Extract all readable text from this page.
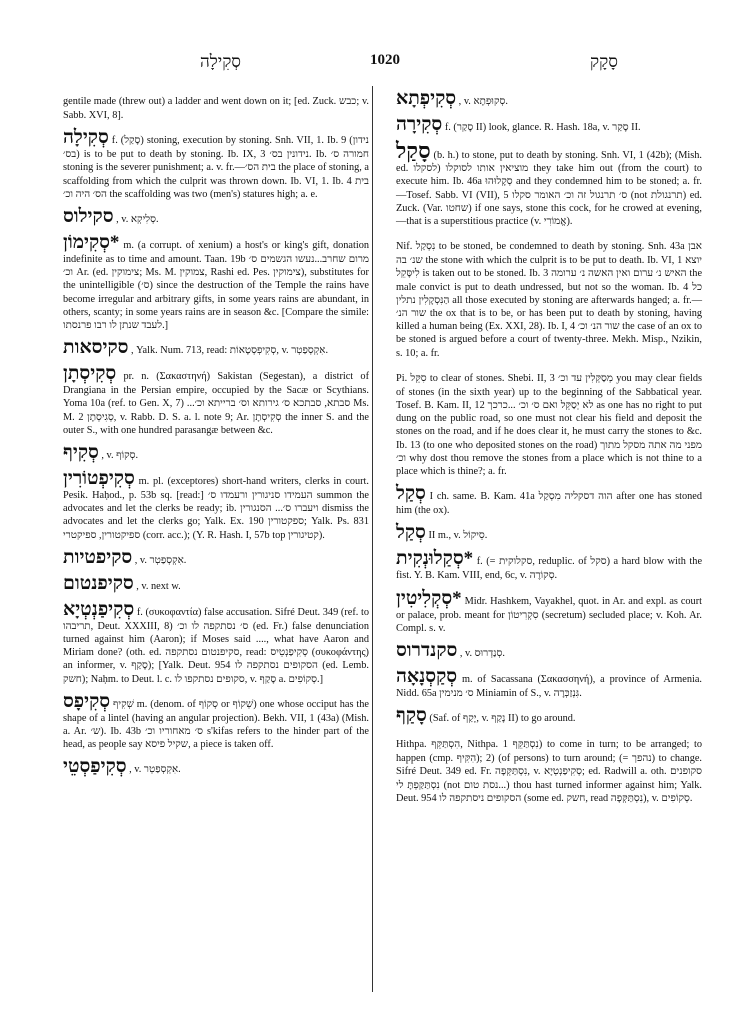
סְקִילָה	1020	סָקָק

gentile made (threw out) a ladder and went down on it; [ed. Zuck. כבש; v. Sabb. XVI, 8].

סְקִילָה f. (סָקַל) stoning, execution by stoning. Snh. VII, 1. Ib. 9 (נידון בס׳) is to be put to death by stoning. Ib. IX, 3 נידונין בס׳. Ib. חמורה ס׳ stoning is the severer punishment; a. v. fr.—בית הס׳ the place of stoning, a scaffolding from which the culprit was thrown down. Ib. VI, 1. Ib. 4 בית הס׳ היה וכ׳ the scaffolding was two (men's) statures high; a. e.

סקילוס , v. סְלִיקְא.

*סְקִימוֹן m. (a corrupt. of xenium) a host's or king's gift, donation indefinite as to time and amount. Taan. 19b מרום שחרב...נעשו הגשמים ס׳ וכ׳ Ar. (ed. צימוקין; Ms. M. צמוקין, Rashi ed. Pes. צימוקין), substitutes for the unintelligible (ס׳) since the destruction of the Temple the rains have become irregular and arbitrary gifts, in some years rains are abundant, in others, scanty; in some years rains are in season &c. [Compare the simile: לעבד שנתן לו רבו פרנסתו.]

סקיסאות , Yalk. Num. 713, read: סְקִיפְסְטָאוֹת, v. אִקְסְפַטְר.

סְקִיסְתָן pr. n. (Σακαστηνή) Sakistan (Segestan), a district of Drangiana in the Persian empire, occupied by the Sacæ or Scythians. Yoma 10a (ref. to Gen. X, 7) ...סבתא, סבתכא ס׳ גירותא וס׳ ברייתא וכ׳ Ms. M. 2 סְגִיסְתָן, v. Rabb. D. S. a. l. note 9; Ar. סְקִיסְתָן the inner S. and the outer S., with one hundred parasangæ between &c.

סְקִיף , v. סְקוֹף.

סְקִיפְטוֹרִין m. pl. (exceptores) short-hand writers, clerks in court. Pesik. Haḥod., p. 53b sq. [read:] העמידו סניגורין ורעמדו ס׳ summon the advocates and let the clerks be ready; ib. ויעברו ס׳... הסנגורין dismiss the advocates and let the clerks go; Yalk. Ex. 190 ספקטורין; Yalk. Ps. 831 ספיקטורין, ספיקטרי (corr. acc.); (Y. R. Hash. I, 57b top קטיגורין).

סקיפטיות , v. אִקְסְפַטְר.

סקיפנטום , v. next w.

סְקִיפַנְטְיָא f. (συκοφαντία) false accusation. Sifré Deut. 349 (ref. to תריבהו, Deut. XXXIII, 8) ס׳ נסתקפה לו וכ׳ (ed. Fr.) false denunciation turned against him (Aaron); if Moses said ...., what have Aaron and Miriam done? (oth. ed. סקיפנטום נסתקפה, read: סְקִיפַנְטֵיס (συκοφάντης) an informer, v. סָקַף); [Yalk. Deut. 954 הסקופים נסתקפה לו (ed. Lemb. חשק); Naḥm. to Deut. l. c. סקופים נסתקפו לו, v. סָקַף a. סְקוֹפִים.]

סְקִיפָס שְׁקִיף m. (denom. of סְקוֹף or שְׁקוֹף) one whose occiput has the shape of a lintel (having an angular projection). Bekh. VII, 1 (43a) (Mish. a. Ar. ש׳). Ib. 43b ס׳ מאחוריו וכ׳ s'kifas refers to the hinder part of the head, as people say שקיל פיסא, a piece is taken off.

סְקִיפַסְטֵי , v. אִקְסְפַטְר.

סְקִיפְתָא , v. סְקוּפְתָא.

סְקִירָה f. (סָקַר II) look, glance. R. Hash. 18a, v. סָקַר II.

סָקַל (b. h.) to stone, put to death by stoning. Snh. VI, 1 (42b); (Mish. ed. לסקלו) מוציאין אותו לסוקלו they take him out (from the court) to execute him. Ib. 46a סְקָלוּהוּ and they condemned him to be stoned; a. fr.—Tosef. Sabb. VI (VII), 5 ס׳ תרנגול זה וכ׳ האומר סקלו (not תרנגולת) ed. Zuck. (Var. שחטו) if one says, stone this cock, for he crowed at evening,—that is a superstitious practice (v. אֱמוֹרִי).

Nif. נִסְקַל to be stoned, be condemned to death by stoning. Snh. 43a אבן שנ׳ בה the stone with which the culprit is to be put to death. Ib. VI, 1 יוצא לִיסָּקֵל is taken out to be stoned. Ib. 3 האיש נ׳ ערום ואין האשה נ׳ ערומה the male convict is put to death undressed, but not so the woman. Ib. 4 כל הַנִּסְקָלִין נתלין all those executed by stoning are afterwards hanged; a. fr.—שור הנ׳ the ox that is to be, or has been put to death by stoning, having killed a human being (Ex. XXI, 28). Ib. I, 4 שור הנ׳ וכ׳ the case of an ox to be stoned is argued before a court of twenty-three. Mekh. Misp., Nzikin, s. 10; a. fr.

Pi. סִקֵּל to clear of stones. Shebi. II, 3 מְסַקְּלִין עד וכ׳ you may clear fields of stones (in the sixth year) up to the beginning of the Sabbatical year. Tosef. B. Kam. II, 12 לא יְסַקֵּל ואם ס׳ וכ׳ ...כרכך as one has no right to put dung on the public road, so one must not clear his field and deposit the stones on the road, and if he does clear it, he must carry the stones to &c. Ib. 13 (to one who deposited stones on the road) מפני מה אתה מסקל מתוך וכ׳ why dost thou remove the stones from a place which is not thine to a place which is thine?; a. fr.

סְקַל I ch. same. B. Kam. 41a הוה דסקליה מִסְקַל after one has stoned him (the ox).

סְקַל II m., v. סֵיקוֹל.

*סְקַלוּנְקִית f. (= סקלוקית, reduplic. of סקל) a hard blow with the fist. Y. B. Kam. VIII, end, 6c, v. סְקוֹרֶה.

*סְקְלִיטִין Midr. Hashkem, Vayakhel, quot. in Ar. and expl. as court or palace, prob. meant for סִקְרִיטוֹן (secretum) secluded place; v. Koh. Ar. Compl. s. v.

סקנדרוס , v. סְנַדְרוּס.

סְקַסְנָאָה m. of Sacassana (Σακασσηνή), a province of Armenia. Nidd. 65a ס׳ מנימין Miniamin of S., v. גִּנְזַכְּרָה.

סָקַף (Saf. of יָקַף, v. נָקַף II) to go around.

Hithpa. הִסְתַּקֵּף, Nithpa. נִסְתַּקֵּף 1) to come in turn; to be arranged; to happen (cmp. הִקִּיף); 2) (of persons) to turn around; (= נהפך) to change. Sifré Deut. 349 ed. Fr. נִסְתַּקְּפָה, v. סְקִיפַנְטְיָא; ed. Radwill a. oth. סקופנים נִסְתַּקַּפְתָּ לי (not נסת טום...) thou hast turned informer against him; Yalk. Deut. 954 הסקופים ניסתקפה לו (some ed. חשק, read נִסְתַּקְּפָה), v. סְקוֹפִים.
